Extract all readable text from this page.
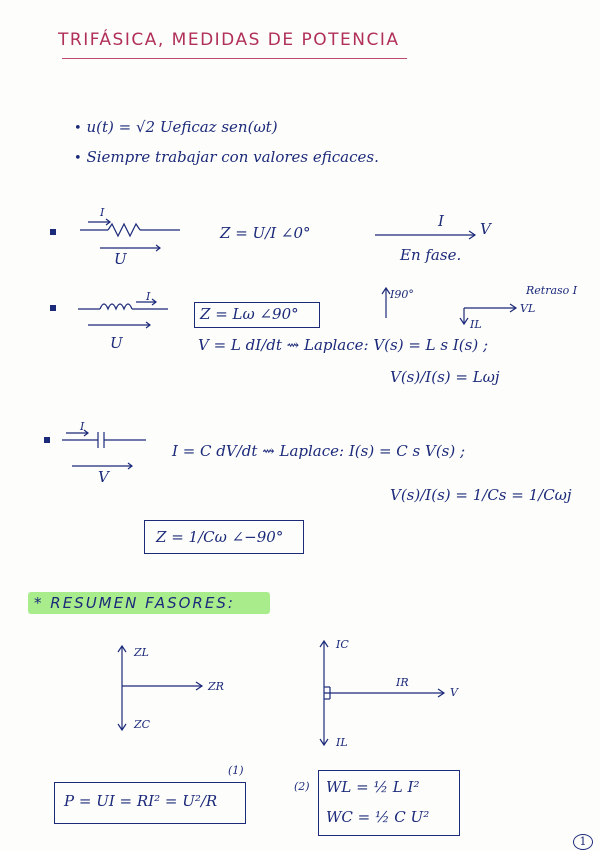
TRIFÁSICA, MEDIDAS DE POTENCIA
• u(t) = √2 Ueficaz sen(ωt)
• Siempre trabajar con valores eficaces.
I
U
Z = U/I ∠0°
I V
En fase.
I
U
Z = Lω ∠90°
V = L dI/dt ⇝ Laplace: V(s) = L s I(s) ;
V(s)/I(s) = Lωj
I90°
IL
VL
Retraso I
I
V
I = C dV/dt ⇝ Laplace: I(s) = C s V(s) ;
V(s)/I(s) = 1/Cs = 1/Cωj
Z = 1/Cω ∠−90°
* RESUMEN FASORES:
ZL
ZR
ZC
IC
IR
IL
V
P = UI = RI² = U²/R
(1)
(2) WL = ½ L I²
WC = ½ C U²
1
